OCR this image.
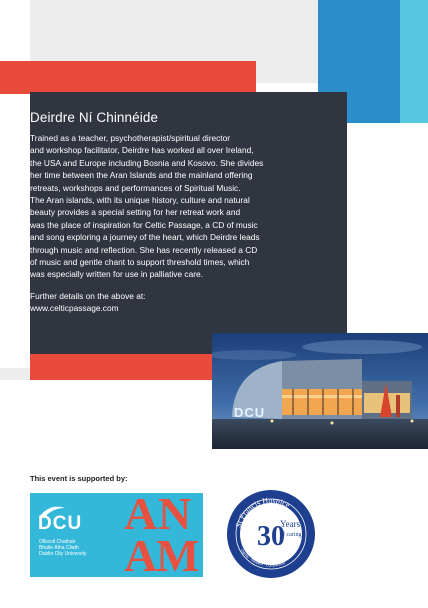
Deirdre Ní Chinnéide
Trained as a teacher, psychotherapist/spiritual director
and workshop facilitator, Deirdre has worked all over Ireland,
the USA and Europe including Bosnia and Kosovo. She divides
her time between the Aran Islands and the mainland offering
retreats, workshops and performances of Spiritual Music.
The Aran islands, with its unique history, culture and natural
beauty provides a special setting for her retreat work and
was the place of inspiration for Celtic Passage, a CD of music
and song exploring a journey of the heart, which Deirdre leads
through music and reflection. She has recently released a CD
of music and gentle chant to support threshold times, which
was especially written for use in palliative care.
Further details on the above at:
www.celticpassage.com
DCU
This event is supported by:
DCU
Ollscoil Chathair
Bhaile Átha Cliath
Dublin City University
A N
A
M 30
Years
of caring
St Francis Hospice
1989 · 2019
Dignity · Respect · Compassion
